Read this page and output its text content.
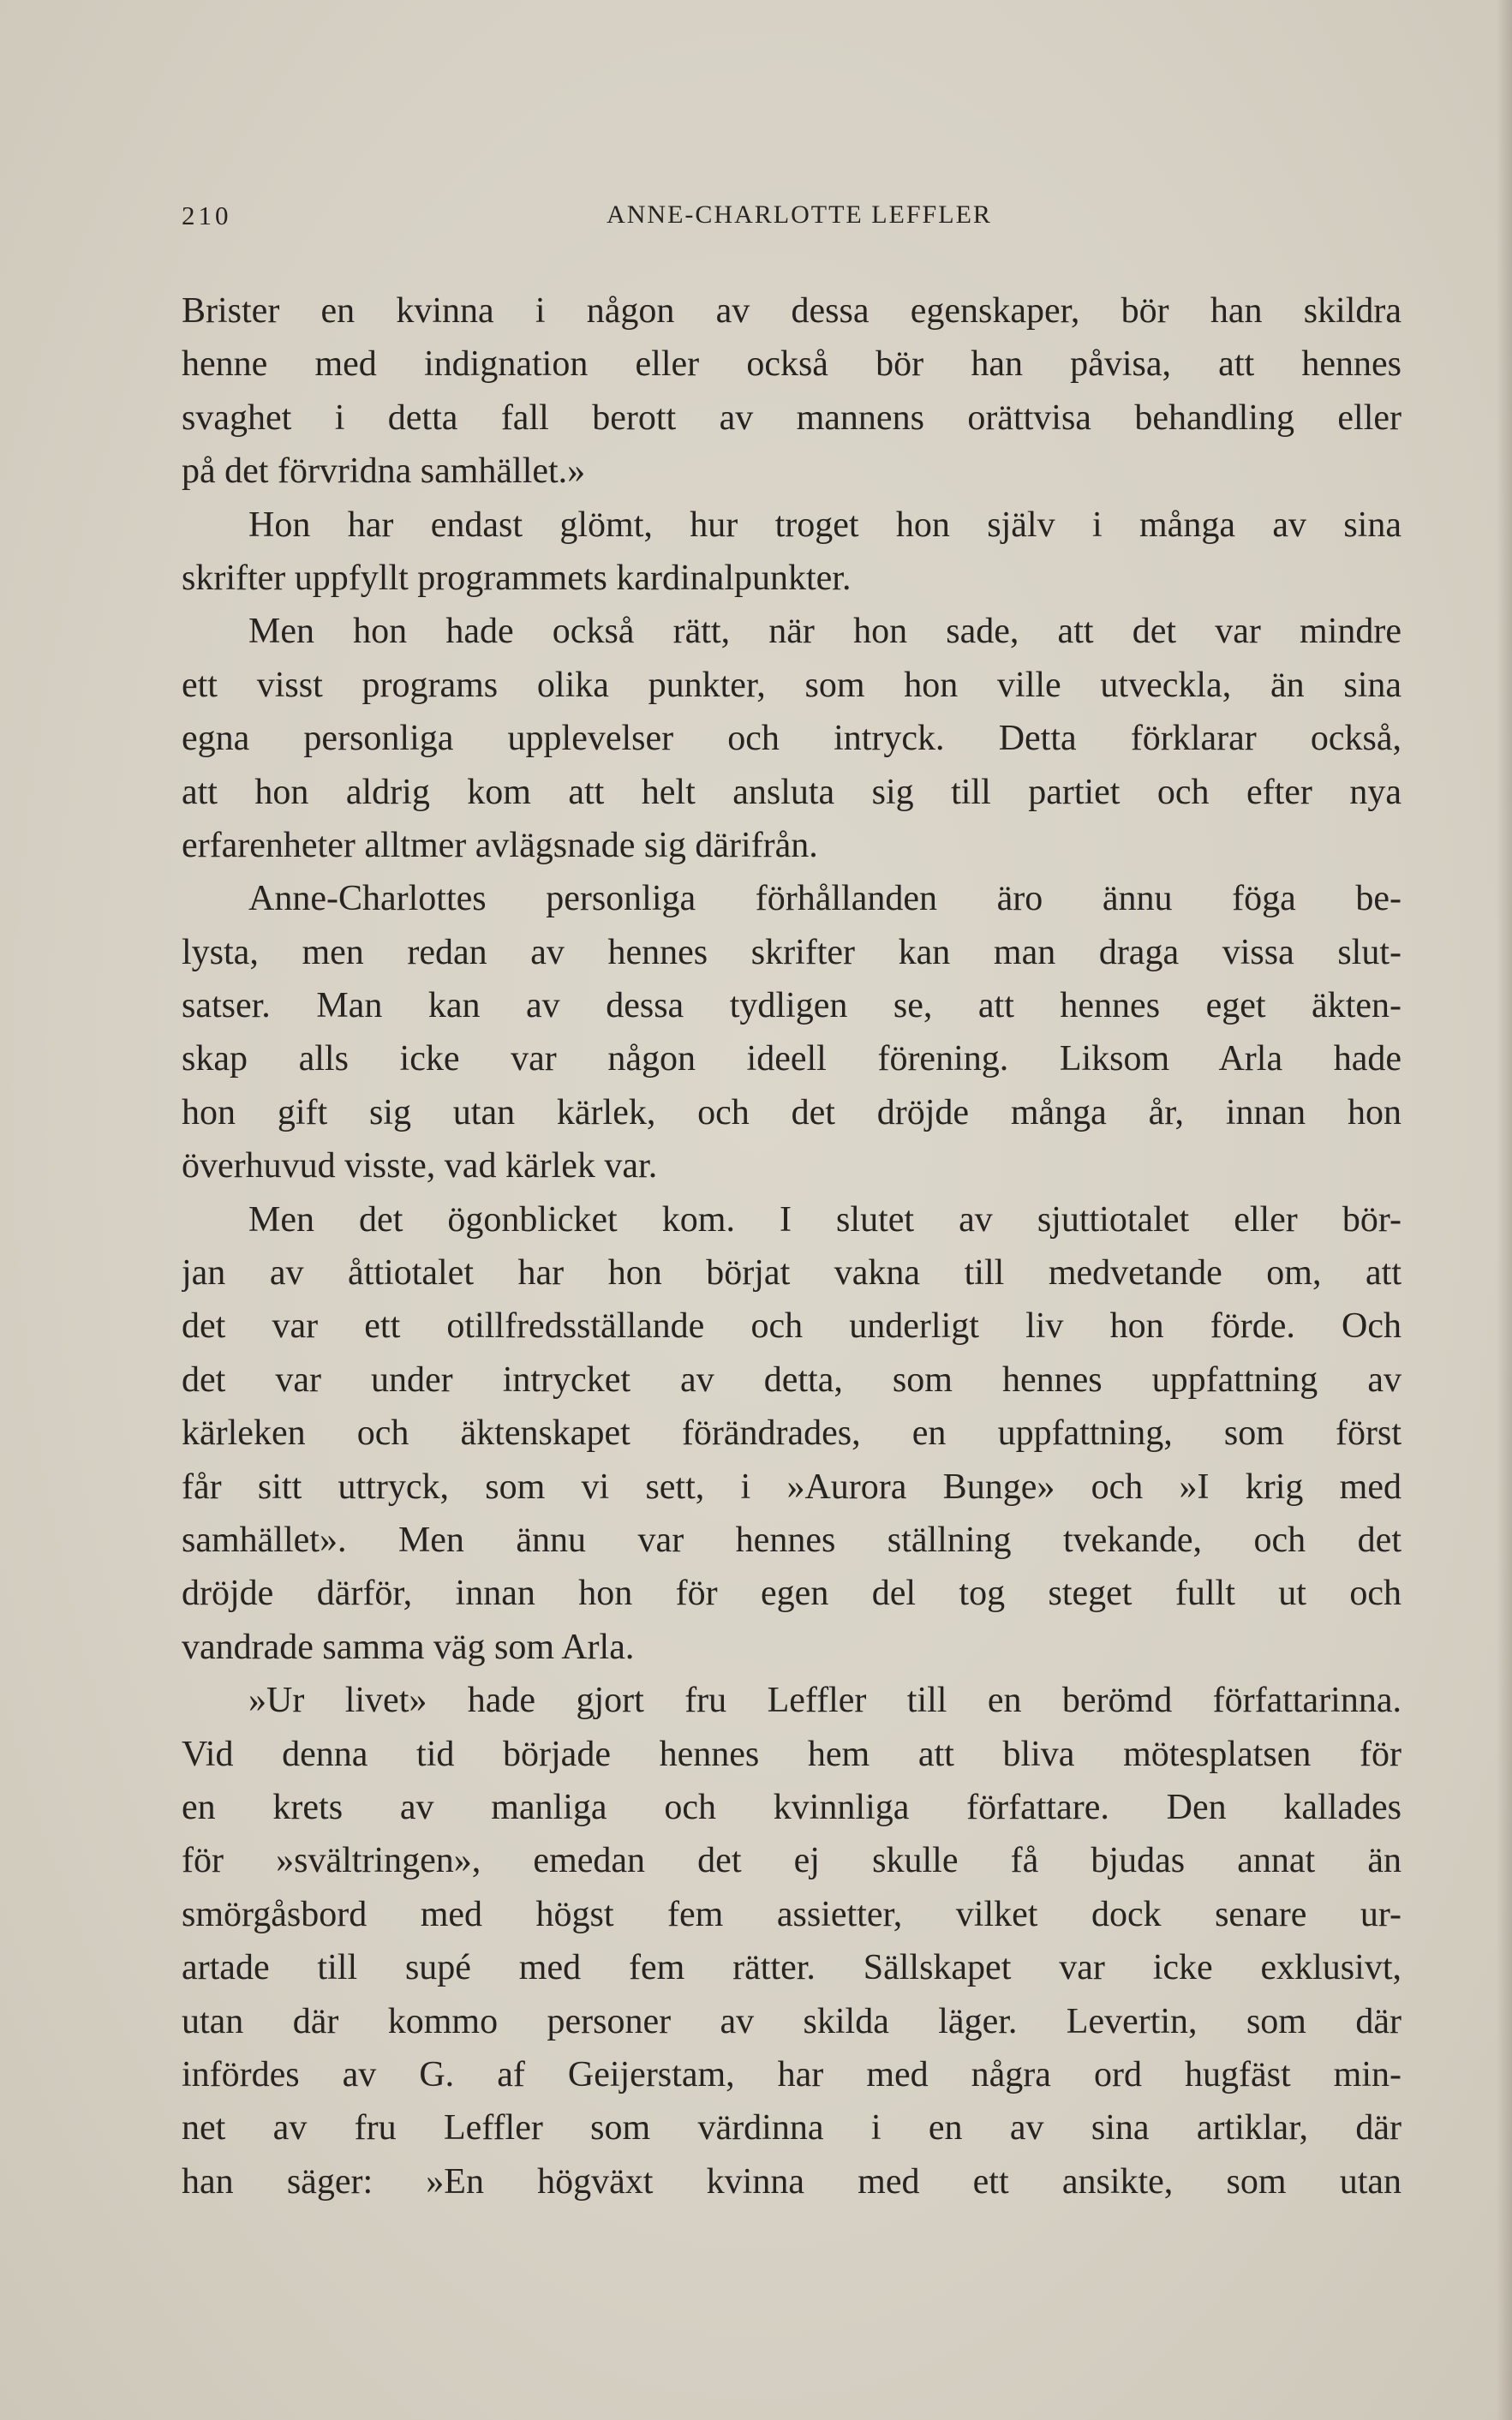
210	ANNE-CHARLOTTE LEFFLER
Brister en kvinna i någon av dessa egenskaper, bör han skildra
henne med indignation eller också bör han påvisa, att hennes
svaghet i detta fall berott av mannens orättvisa behandling eller
på det förvridna samhället.»
Hon har endast glömt, hur troget hon själv i många av sina
skrifter uppfyllt programmets kardinalpunkter.
Men hon hade också rätt, när hon sade, att det var mindre
ett visst programs olika punkter, som hon ville utveckla, än sina
egna personliga upplevelser och intryck. Detta förklarar också,
att hon aldrig kom att helt ansluta sig till partiet och efter nya
erfarenheter alltmer avlägsnade sig därifrån.
Anne-Charlottes personliga förhållanden äro ännu föga be-
lysta, men redan av hennes skrifter kan man draga vissa slut-
satser. Man kan av dessa tydligen se, att hennes eget äkten-
skap alls icke var någon ideell förening. Liksom Arla hade
hon gift sig utan kärlek, och det dröjde många år, innan hon
överhuvud visste, vad kärlek var.
Men det ögonblicket kom. I slutet av sjuttiotalet eller bör-
jan av åttiotalet har hon börjat vakna till medvetande om, att
det var ett otillfredsställande och underligt liv hon förde. Och
det var under intrycket av detta, som hennes uppfattning av
kärleken och äktenskapet förändrades, en uppfattning, som först
får sitt uttryck, som vi sett, i »Aurora Bunge» och »I krig med
samhället». Men ännu var hennes ställning tvekande, och det
dröjde därför, innan hon för egen del tog steget fullt ut och
vandrade samma väg som Arla.
»Ur livet» hade gjort fru Leffler till en berömd författarinna.
Vid denna tid började hennes hem att bliva mötesplatsen för
en krets av manliga och kvinnliga författare. Den kallades
för »svältringen», emedan det ej skulle få bjudas annat än
smörgåsbord med högst fem assietter, vilket dock senare ur-
artade till supé med fem rätter. Sällskapet var icke exklusivt,
utan där kommo personer av skilda läger. Levertin, som där
infördes av G. af Geijerstam, har med några ord hugfäst min-
net av fru Leffler som värdinna i en av sina artiklar, där
han säger: »En högväxt kvinna med ett ansikte, som utan
